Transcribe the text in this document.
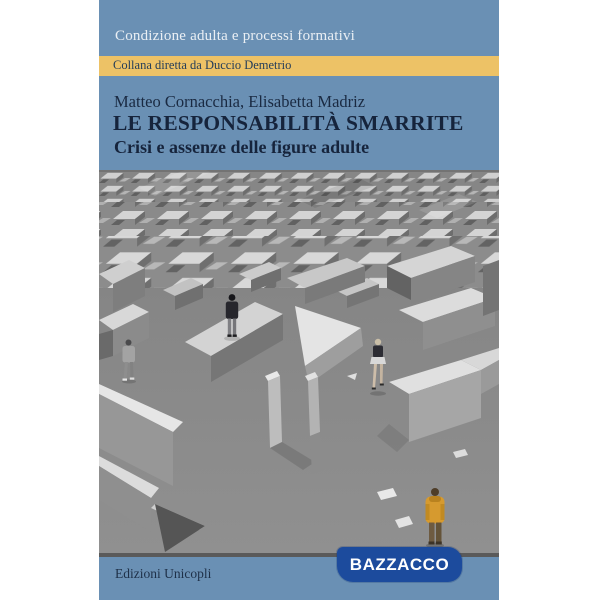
Condizione adulta e processi formativi
Collana diretta da Duccio Demetrio
Matteo Cornacchia, Elisabetta Madriz
LE RESPONSABILITÀ SMARRITE
Crisi e assenze delle figure adulte
Edizioni Unicopli	BAZZACCO
